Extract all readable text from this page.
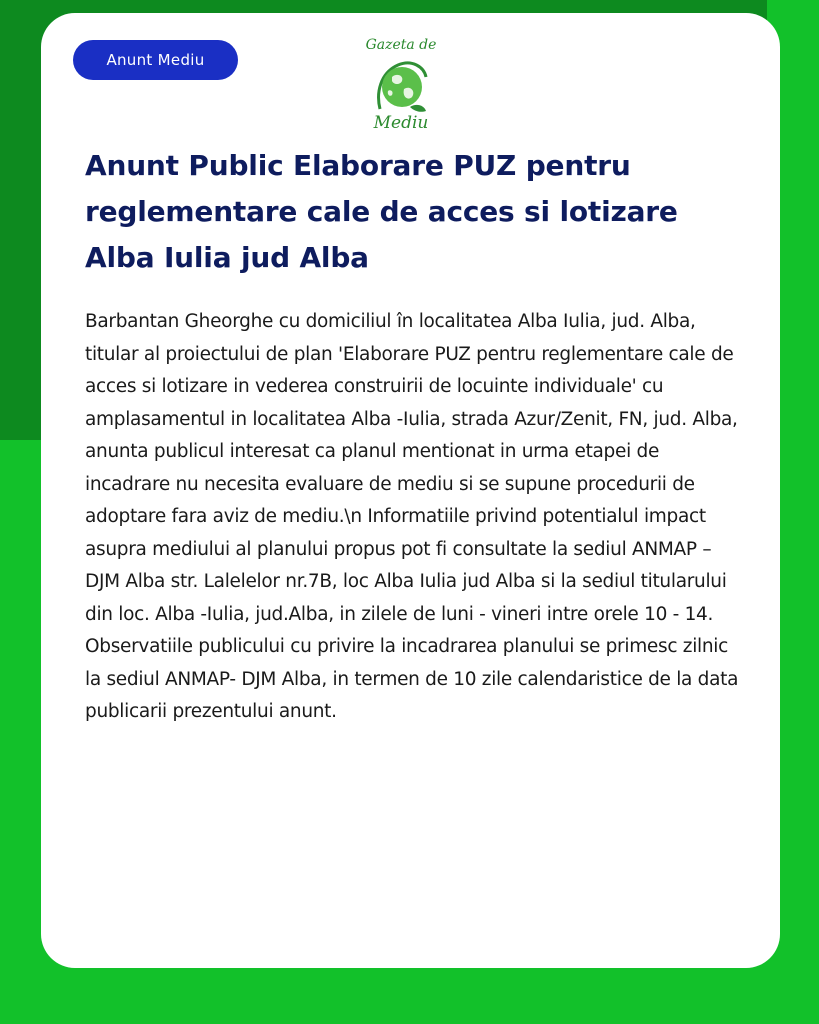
Anunt Mediu
Gazeta de
Mediu
Anunt Public Elaborare PUZ pentru reglementare cale de acces si lotizare Alba Iulia jud Alba

Barbantan Gheorghe cu domiciliul în localitatea Alba Iulia, jud. Alba, titular al proiectului de plan 'Elaborare PUZ pentru reglementare cale de acces si lotizare in vederea construirii de locuinte individuale' cu amplasamentul in localitatea Alba -Iulia, strada Azur/Zenit, FN, jud. Alba, anunta publicul interesat ca planul mentionat in urma etapei de incadrare nu necesita evaluare de mediu si se supune procedurii de adoptare fara aviz de mediu.\n Informatiile privind potentialul impact asupra mediului al planului propus pot fi consultate la sediul ANMAP – DJM Alba str. Lalelelor nr.7B, loc Alba Iulia jud Alba si la sediul titularului din loc. Alba -Iulia, jud.Alba, in zilele de luni - vineri intre orele 10 - 14. Observatiile publicului cu privire la incadrarea planului se primesc zilnic la sediul ANMAP- DJM Alba, in termen de 10 zile calendaristice de la data publicarii prezentului anunt.
